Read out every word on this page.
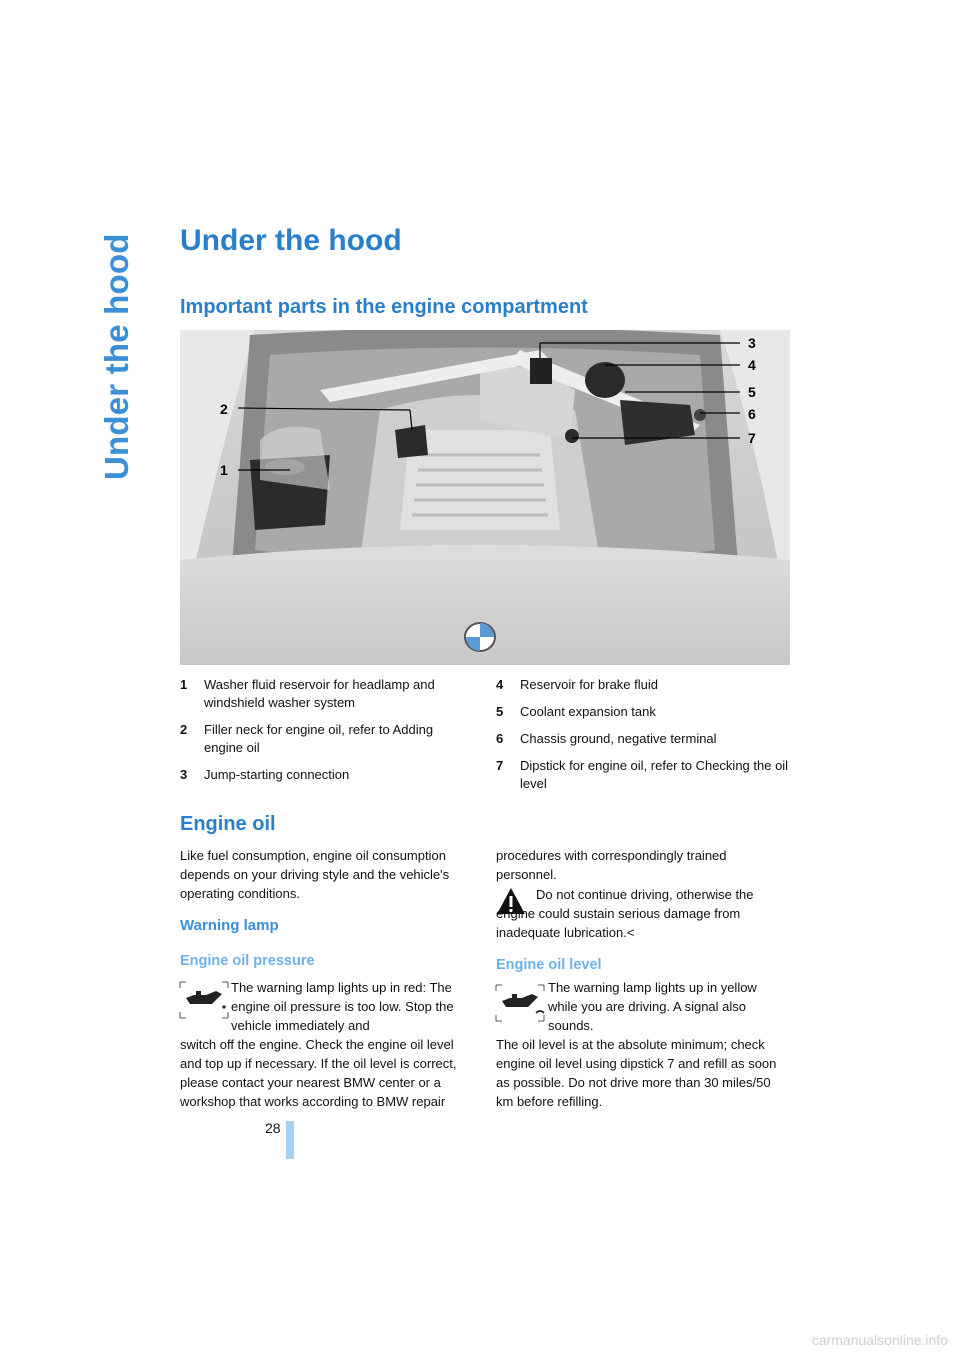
Under the hood Under the hood
Important parts in the engine compartment
1
2
3
4
5
6
7
1 Washer fluid reservoir for headlamp and windshield washer system
2 Filler neck for engine oil, refer to Adding engine oil
3 Jump-starting connection
4 Reservoir for brake fluid
5 Coolant expansion tank
6 Chassis ground, negative terminal
7 Dipstick for engine oil, refer to Checking the oil level
Engine oil

Like fuel consumption, engine oil consumption depends on your driving style and the vehicle's operating conditions.

Warning lamp
Engine oil pressure

The warning lamp lights up in red: The engine oil pressure is too low. Stop the vehicle immediately and

switch off the engine. Check the engine oil level and top up if necessary. If the oil level is correct, please contact your nearest BMW center or a workshop that works according to BMW repair

procedures with correspondingly trained personnel.

Do not continue driving, otherwise the engine could sustain serious damage from inadequate lubrication.<

Engine oil level

The warning lamp lights up in yellow while you are driving. A signal also sounds.

The oil level is at the absolute minimum; check engine oil level using dipstick 7 and refill as soon as possible. Do not drive more than 30 miles/50 km before refilling.

28

carmanualsonline.info
